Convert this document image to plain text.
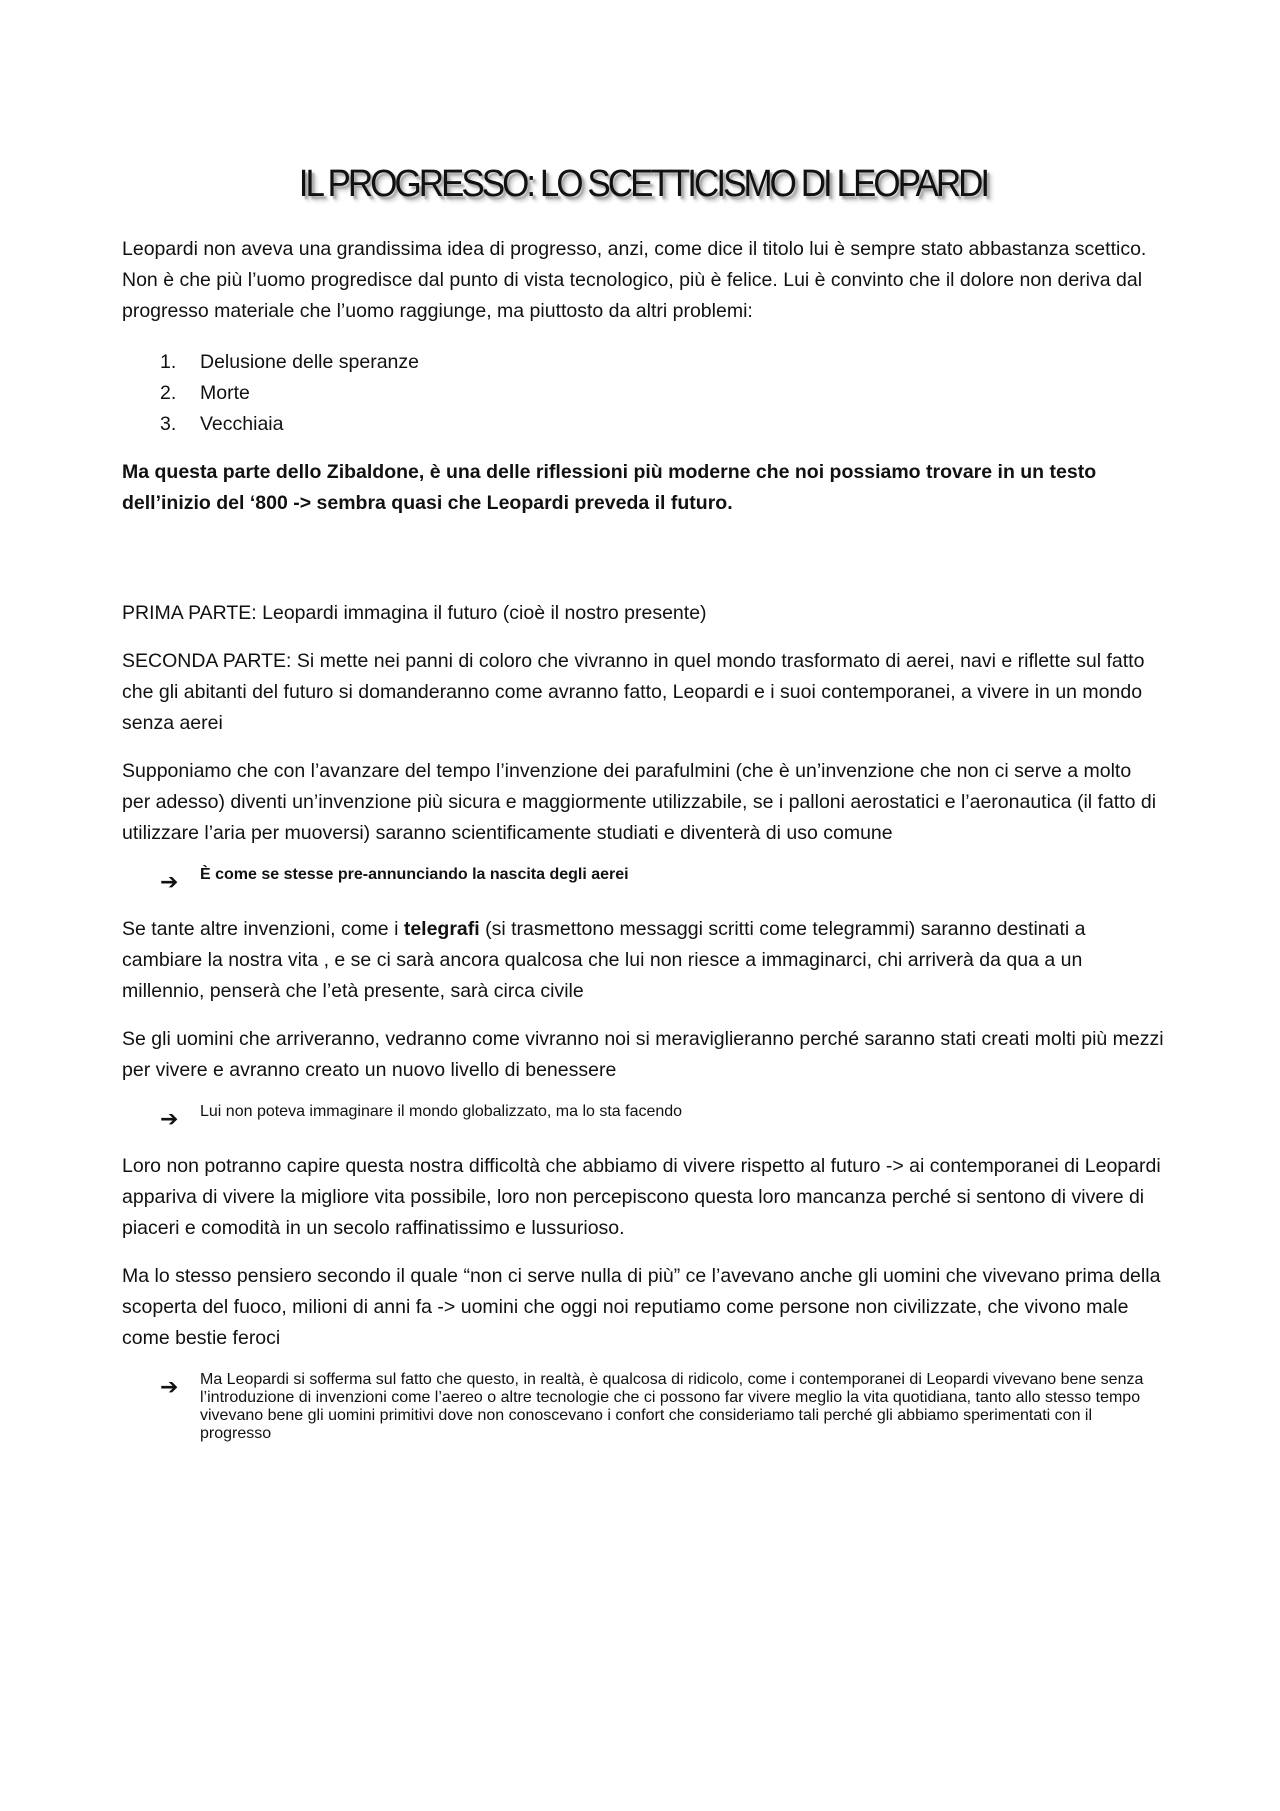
IL PROGRESSO: LO SCETTICISMO DI LEOPARDI

Leopardi non aveva una grandissima idea di progresso, anzi, come dice il titolo lui è sempre stato abbastanza scettico. Non è che più l’uomo progredisce dal punto di vista tecnologico, più è felice. Lui è convinto che il dolore non deriva dal progresso materiale che l’uomo raggiunge, ma piuttosto da altri problemi:

1.	Delusione delle speranze
2.	Morte
3.	Vecchiaia

Ma questa parte dello Zibaldone, è una delle riflessioni più moderne che noi possiamo trovare in un testo dell’inizio del ‘800 -> sembra quasi che Leopardi preveda il futuro.

PRIMA PARTE: Leopardi immagina il futuro (cioè il nostro presente)

SECONDA PARTE: Si mette nei panni di coloro che vivranno in quel mondo trasformato di aerei, navi e riflette sul fatto che gli abitanti del futuro si domanderanno come avranno fatto, Leopardi e i suoi contemporanei, a vivere in un mondo senza aerei

Supponiamo che con l’avanzare del tempo l’invenzione dei parafulmini (che è un’invenzione che non ci serve a molto per adesso) diventi un’invenzione più sicura e maggiormente utilizzabile, se i palloni aerostatici e l’aeronautica (il fatto di utilizzare l’aria per muoversi) saranno scientificamente studiati e diventerà di uso comune

➔	È come se stesse pre-annunciando la nascita degli aerei

Se tante altre invenzioni, come i telegrafi (si trasmettono messaggi scritti come telegrammi) saranno destinati a cambiare la nostra vita , e se ci sarà ancora qualcosa che lui non riesce a immaginarci, chi arriverà da qua a un millennio, penserà che l’età presente, sarà circa civile

Se gli uomini che arriveranno, vedranno come vivranno noi si meraviglieranno perché saranno stati creati molti più mezzi per vivere e avranno creato un nuovo livello di benessere

➔	Lui non poteva immaginare il mondo globalizzato, ma lo sta facendo

Loro non potranno capire questa nostra difficoltà che abbiamo di vivere rispetto al futuro -> ai contemporanei di Leopardi appariva di vivere la migliore vita possibile, loro non percepiscono questa loro mancanza perché si sentono di vivere di piaceri e comodità in un secolo raffinatissimo e lussurioso.

Ma lo stesso pensiero secondo il quale “non ci serve nulla di più” ce l’avevano anche gli uomini che vivevano prima della scoperta del fuoco, milioni di anni fa -> uomini che oggi noi reputiamo come persone non civilizzate, che vivono male come bestie feroci

➔	Ma Leopardi si sofferma sul fatto che questo, in realtà, è qualcosa di ridicolo, come i contemporanei di Leopardi vivevano bene senza l’introduzione di invenzioni come l’aereo o altre tecnologie che ci possono far vivere meglio la vita quotidiana, tanto allo stesso tempo vivevano bene gli uomini primitivi dove non conoscevano i confort che consideriamo tali perché gli abbiamo sperimentati con il progresso
